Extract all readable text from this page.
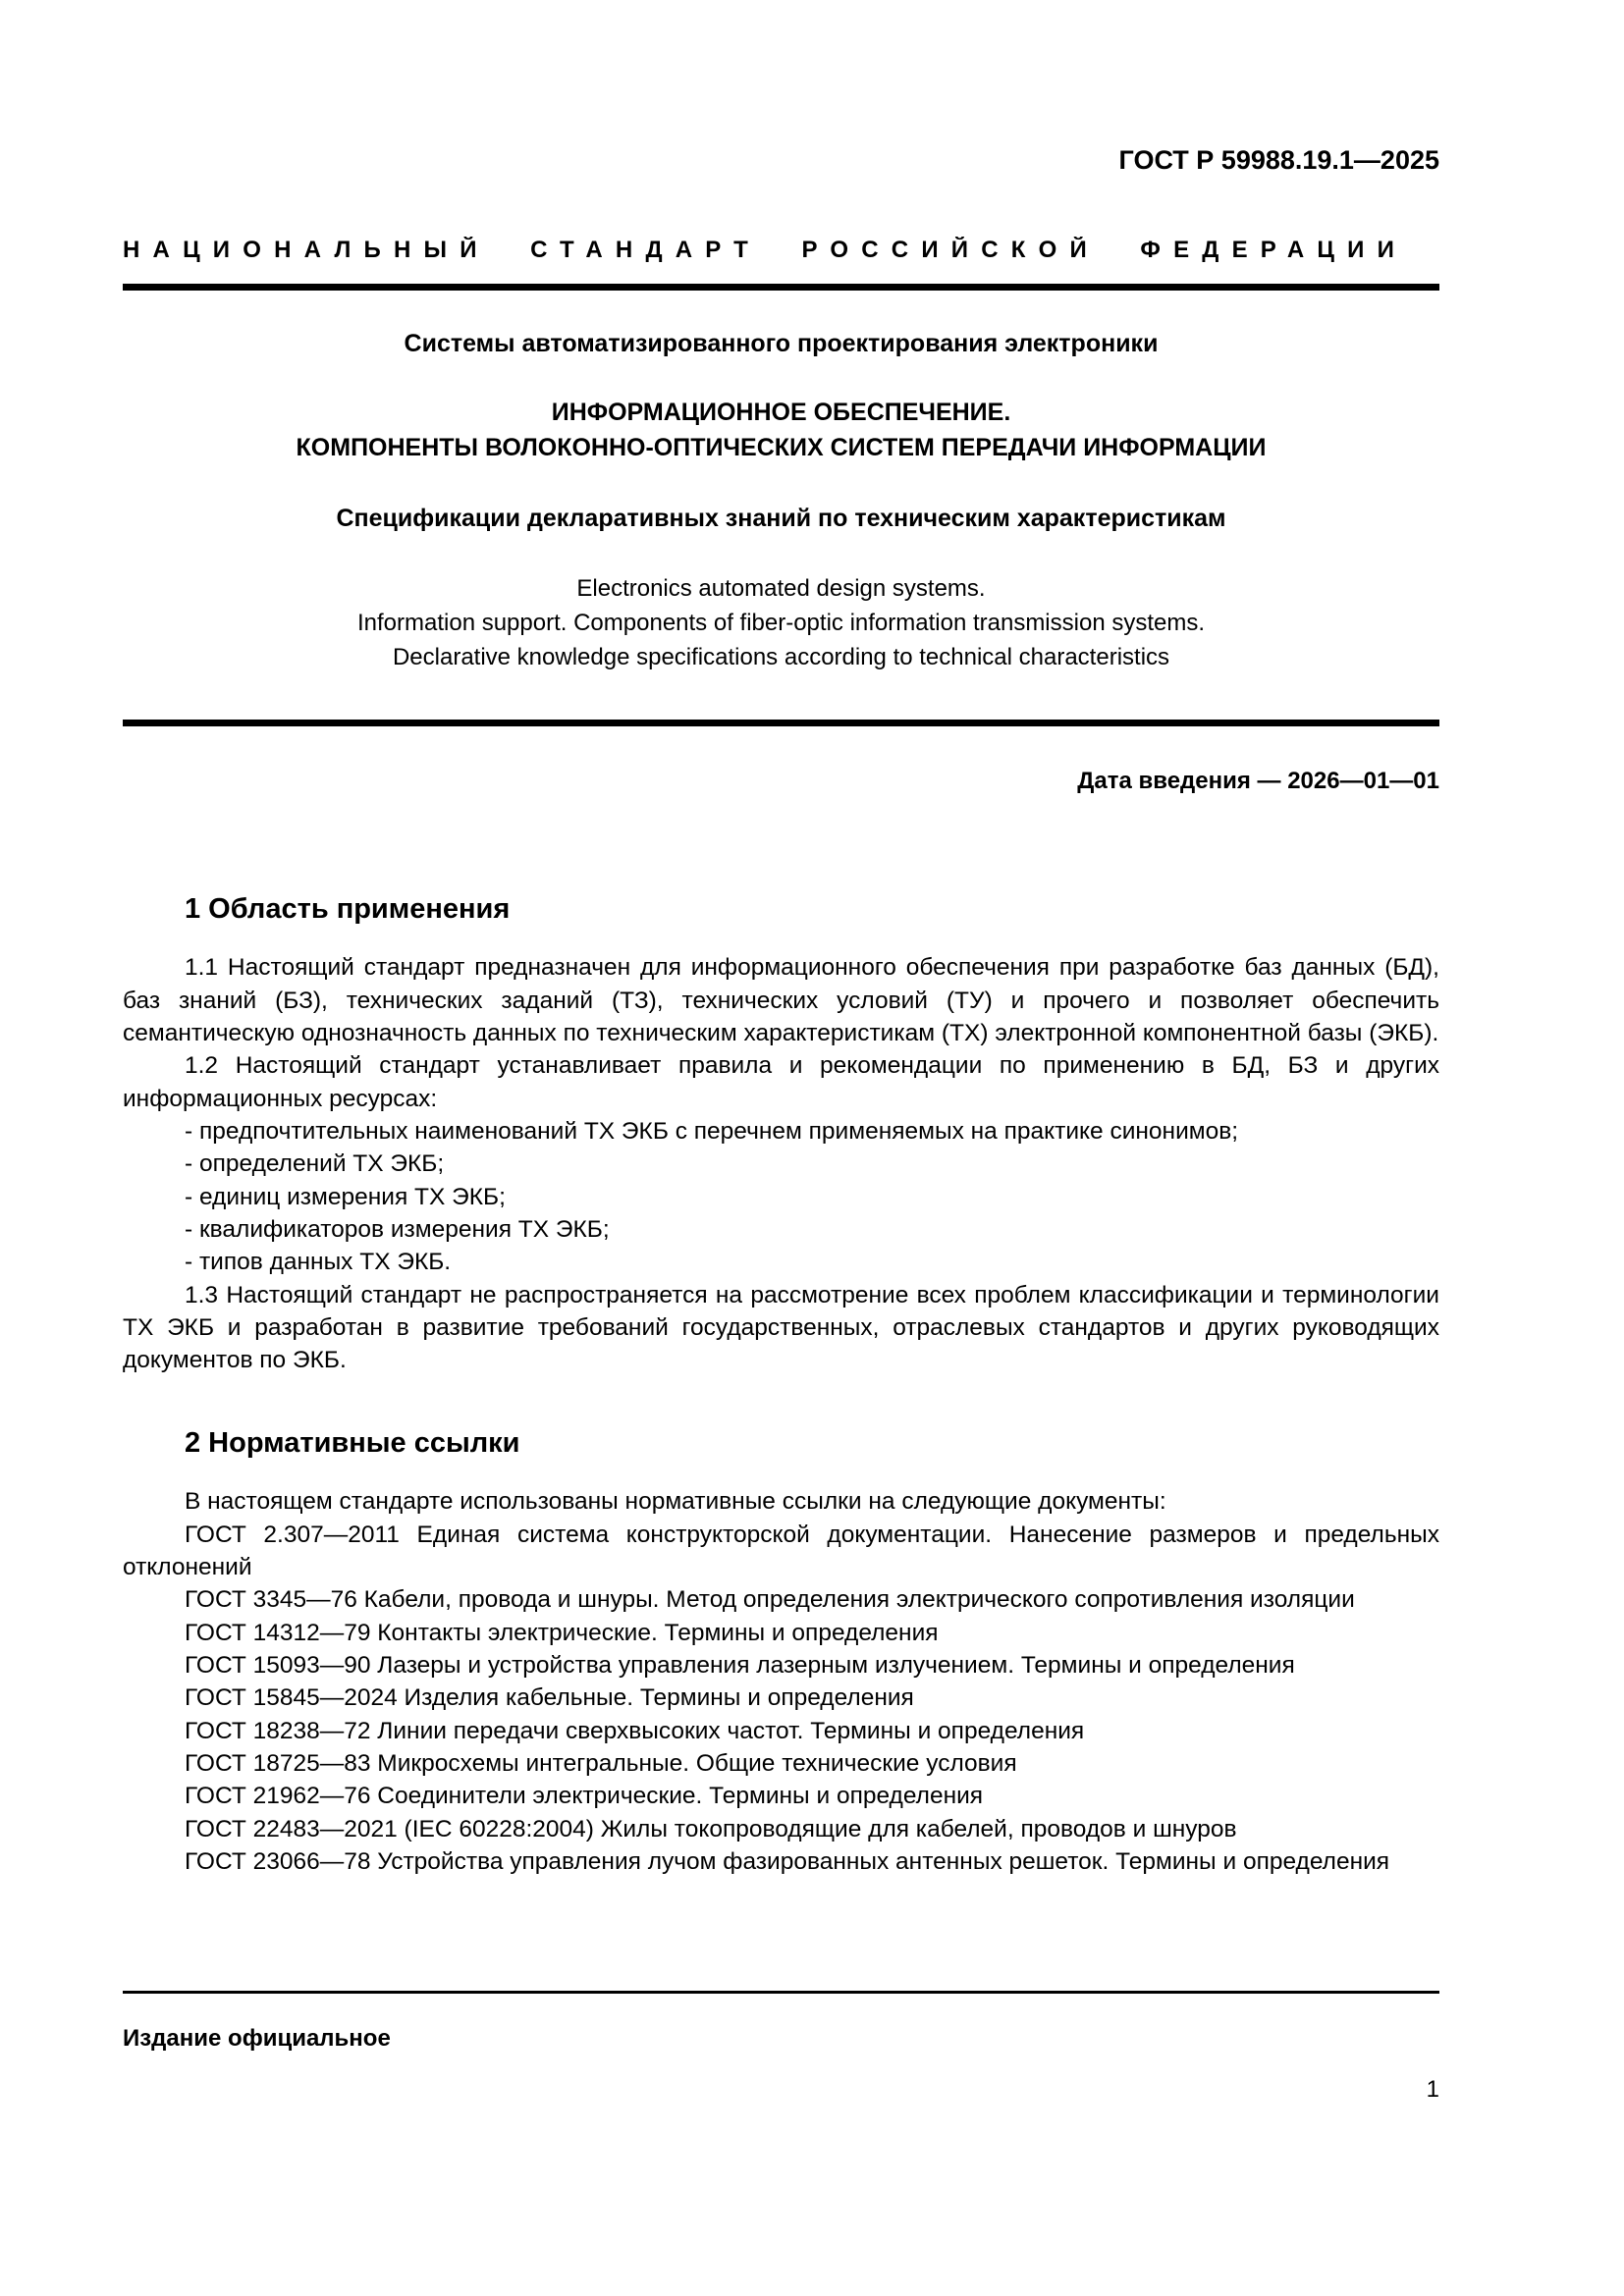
ГОСТ Р 59988.19.1—2025
НАЦИОНАЛЬНЫЙ СТАНДАРТ РОССИЙСКОЙ ФЕДЕРАЦИИ
Системы автоматизированного проектирования электроники
ИНФОРМАЦИОННОЕ ОБЕСПЕЧЕНИЕ.
КОМПОНЕНТЫ ВОЛОКОННО-ОПТИЧЕСКИХ СИСТЕМ ПЕРЕДАЧИ ИНФОРМАЦИИ
Спецификации декларативных знаний по техническим характеристикам
Electronics automated design systems.
Information support. Components of fiber-optic information transmission systems.
Declarative knowledge specifications according to technical characteristics
Дата введения — 2026—01—01
1 Область применения

1.1 Настоящий стандарт предназначен для информационного обеспечения при разработке баз данных (БД), баз знаний (БЗ), технических заданий (ТЗ), технических условий (ТУ) и прочего и позволяет обеспечить семантическую однозначность данных по техническим характеристикам (ТХ) электронной компонентной базы (ЭКБ).

1.2 Настоящий стандарт устанавливает правила и рекомендации по применению в БД, БЗ и других информационных ресурсах:

- предпочтительных наименований ТХ ЭКБ с перечнем применяемых на практике синонимов;

- определений ТХ ЭКБ;

- единиц измерения ТХ ЭКБ;

- квалификаторов измерения ТХ ЭКБ;

- типов данных ТХ ЭКБ.

1.3 Настоящий стандарт не распространяется на рассмотрение всех проблем классификации и терминологии ТХ ЭКБ и разработан в развитие требований государственных, отраслевых стандартов и других руководящих документов по ЭКБ.

2 Нормативные ссылки

В настоящем стандарте использованы нормативные ссылки на следующие документы:

ГОСТ 2.307—2011 Единая система конструкторской документации. Нанесение размеров и предельных отклонений

ГОСТ 3345—76 Кабели, провода и шнуры. Метод определения электрического сопротивления изоляции

ГОСТ 14312—79 Контакты электрические. Термины и определения

ГОСТ 15093—90 Лазеры и устройства управления лазерным излучением. Термины и определения

ГОСТ 15845—2024 Изделия кабельные. Термины и определения

ГОСТ 18238—72 Линии передачи сверхвысоких частот. Термины и определения

ГОСТ 18725—83 Микросхемы интегральные. Общие технические условия

ГОСТ 21962—76 Соединители электрические. Термины и определения

ГОСТ 22483—2021 (IEC 60228:2004) Жилы токопроводящие для кабелей, проводов и шнуров

ГОСТ 23066—78 Устройства управления лучом фазированных антенных решеток. Термины и определения

Издание официальное
1
